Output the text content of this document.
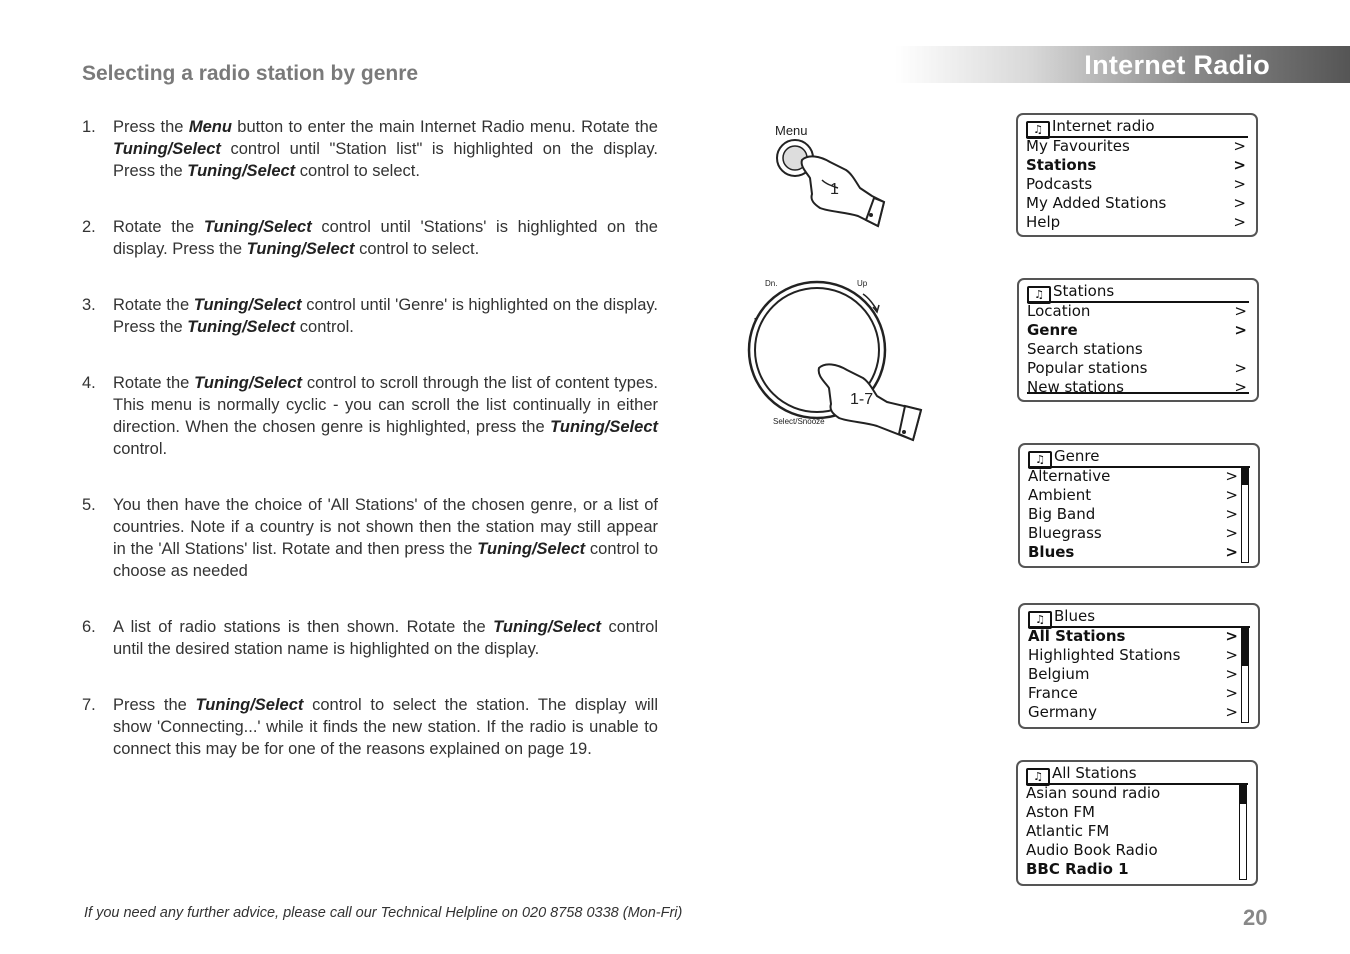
Internet Radio
Selecting a radio station by genre
1. Press the Menu button to enter the main Internet Radio menu. Rotate the Tuning/Select control until "Station list" is highlighted on the display. Press the Tuning/Select control to select.
2. Rotate the Tuning/Select control until 'Stations' is highlighted on the display. Press the Tuning/Select control to select.
3. Rotate the Tuning/Select control until 'Genre' is highlighted on the display. Press the Tuning/Select control.
4. Rotate the Tuning/Select control to scroll through the list of content types. This menu is normally cyclic - you can scroll the list continually in either direction. When the chosen genre is highlighted, press the Tuning/Select control.
5. You then have the choice of 'All Stations' of the chosen genre, or a list of countries. Note if a country is not shown then the station may still appear in the 'All Stations' list. Rotate and then press the Tuning/Select control to choose as needed
6. A list of radio stations is then shown. Rotate the Tuning/Select control until the desired station name is highlighted on the display.
7. Press the Tuning/Select control to select the station. The display will show 'Connecting...' while it finds the new station. If the radio is unable to connect this may be for one of the reasons explained on page 19.
Menu
1
Dn.	Up
Select/Snooze
1-7
♫ Internet radio
My Favourites	>
Stations	>
Podcasts	>
My Added Stations	>
Help	>
♫ Stations
Location	>
Genre	>
Search stations
Popular stations	>
New stations	>
♫ Genre
Alternative	>
Ambient	>
Big Band	>
Bluegrass	>
Blues	>
♫ Blues
All Stations	>
Highlighted Stations	>
Belgium	>
France	>
Germany	>
♫ All Stations
Asian sound radio
Aston FM
Atlantic FM
Audio Book Radio
BBC Radio 1
If you need any further advice, please call our Technical Helpline on 020 8758 0338 (Mon-Fri)	20
